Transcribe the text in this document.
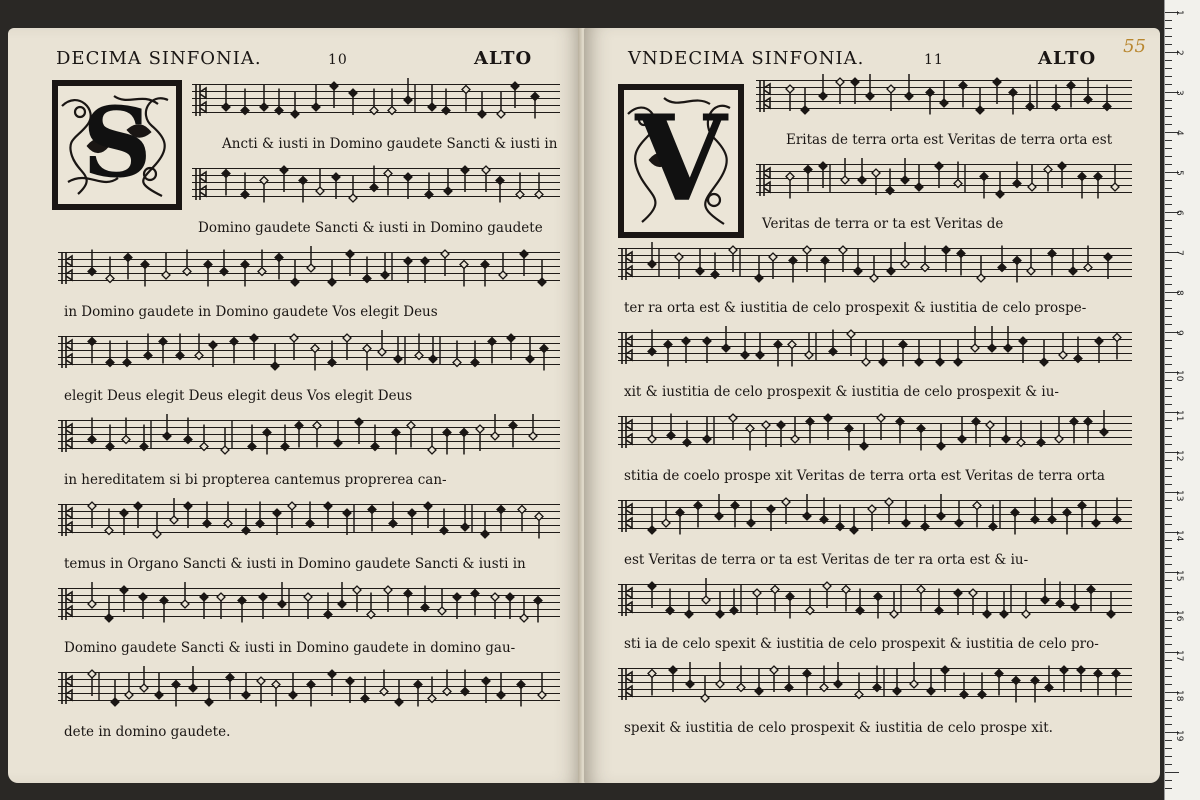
DECIMA SINFONIA.	10	ALTO
S	Ancti & iusti in Domino gaudete Sancti & iusti in
Domino gaudete Sancti & iusti in Domino gaudete
in Domino gaudete in Domino gaudete Vos elegit Deus
elegit Deus elegit Deus elegit deus Vos elegit Deus
in hereditatem si bi propterea cantemus proprerea can-
temus in Organo Sancti & iusti in Domino gaudete Sancti & iusti in
Domino gaudete Sancti & iusti in Domino gaudete in domino gau-
dete in domino gaudete.
VNDECIMA SINFONIA.	11	ALTO
55
V	Eritas de terra orta est Veritas de terra orta est
Veritas de terra or ta est Veritas de
ter ra orta est & iustitia de celo prospexit & iustitia de celo prospe-
xit & iustitia de celo prospexit & iustitia de celo prospexit & iu-
stitia de coelo prospe xit Veritas de terra orta est Veritas de terra orta
est Veritas de terra or ta est Veritas de ter ra orta est & iu-
sti ia de celo spexit & iustitia de celo prospexit & iustitia de celo pro-
spexit & iustitia de celo prospexit & iustitia de celo prospe xit.
1
2
3
4
5
6
7
8
9
10
11
12
13
14
15
16
17
18
19
